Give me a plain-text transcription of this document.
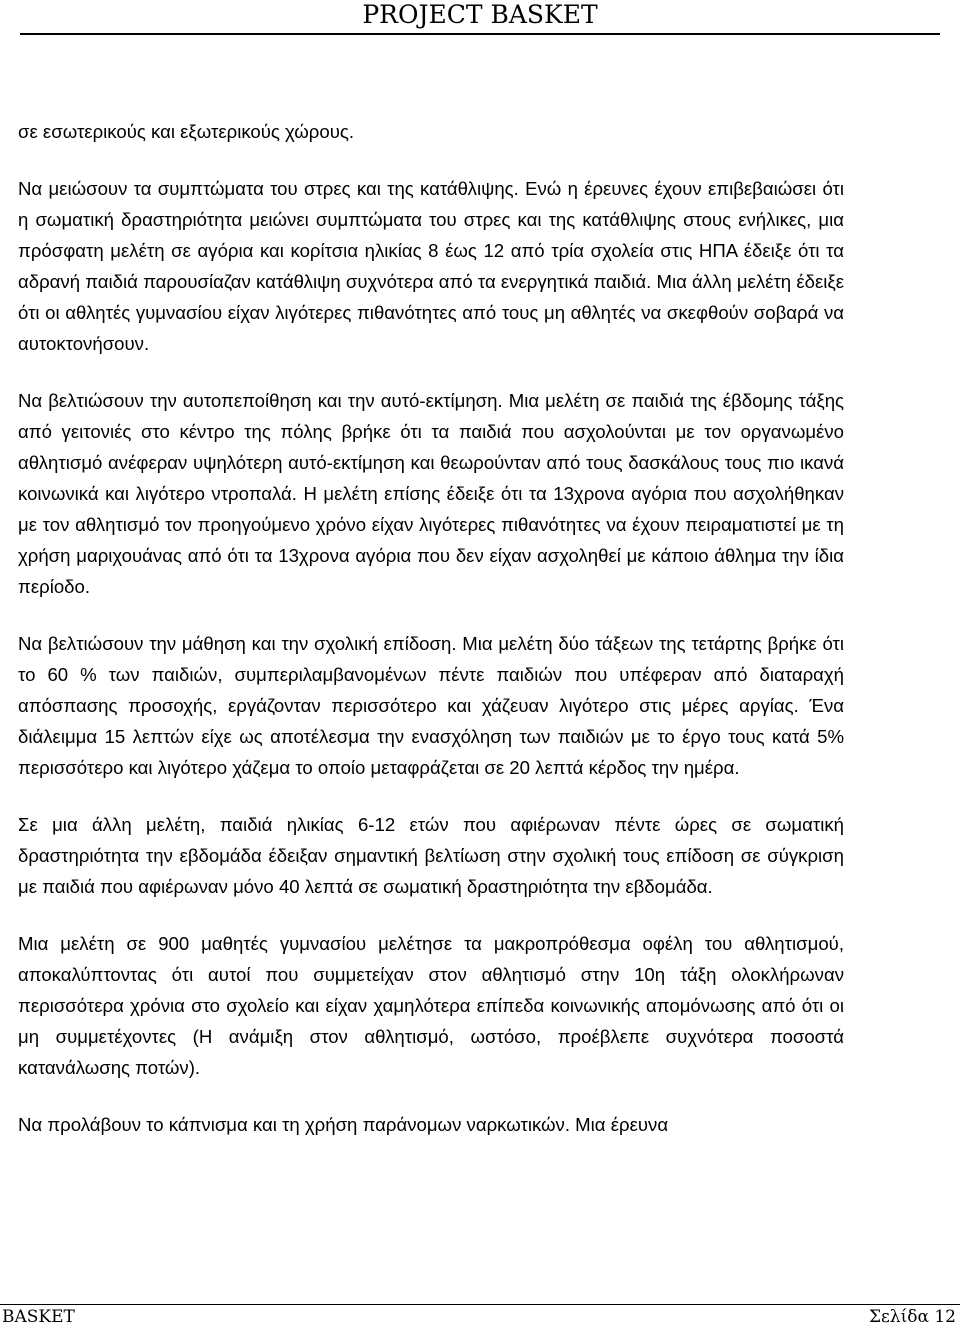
PROJECT BASKET

σε εσωτερικούς και εξωτερικούς χώρους.

Να μειώσουν τα συμπτώματα του στρες και της κατάθλιψης. Ενώ η έρευνες έχουν επιβεβαιώσει ότι η σωματική δραστηριότητα μειώνει συμπτώματα του στρες και της κατάθλιψης στους ενήλικες, μια πρόσφατη μελέτη σε αγόρια και κορίτσια ηλικίας 8 έως 12 από τρία σχολεία στις ΗΠΑ έδειξε ότι τα αδρανή παιδιά παρουσίαζαν κατάθλιψη συχνότερα από τα ενεργητικά παιδιά. Μια άλλη μελέτη έδειξε ότι οι αθλητές γυμνασίου είχαν λιγότερες πιθανότητες από τους μη αθλητές να σκεφθούν σοβαρά να αυτοκτονήσουν.

Να βελτιώσουν την αυτοπεποίθηση και την αυτό-εκτίμηση. Μια μελέτη σε παιδιά της έβδομης τάξης από γειτονιές στο κέντρο της πόλης βρήκε ότι τα παιδιά που ασχολούνται με τον οργανωμένο αθλητισμό ανέφεραν υψηλότερη αυτό-εκτίμηση και θεωρούνταν από τους δασκάλους τους πιο ικανά κοινωνικά και λιγότερο ντροπαλά. Η μελέτη επίσης έδειξε ότι τα 13χρονα αγόρια που ασχολήθηκαν με τον αθλητισμό τον προηγούμενο χρόνο είχαν λιγότερες πιθανότητες να έχουν πειραματιστεί με τη χρήση μαριχουάνας από ότι τα 13χρονα αγόρια που δεν είχαν ασχοληθεί με κάποιο άθλημα την ίδια περίοδο.

Να βελτιώσουν την μάθηση και την σχολική επίδοση. Μια μελέτη δύο τάξεων της τετάρτης βρήκε ότι το 60 % των παιδιών, συμπεριλαμβανομένων πέντε παιδιών που υπέφεραν από διαταραχή απόσπασης προσοχής, εργάζονταν περισσότερο και χάζευαν λιγότερο στις μέρες αργίας. Ένα διάλειμμα 15 λεπτών είχε ως αποτέλεσμα την ενασχόληση των παιδιών με το έργο τους κατά 5% περισσότερο και λιγότερο χάζεμα το οποίο μεταφράζεται σε 20 λεπτά κέρδος την ημέρα.

Σε μια άλλη μελέτη, παιδιά ηλικίας 6-12 ετών που αφιέρωναν πέντε ώρες σε σωματική δραστηριότητα την εβδομάδα έδειξαν σημαντική βελτίωση στην σχολική τους επίδοση σε σύγκριση με παιδιά που αφιέρωναν μόνο 40 λεπτά σε σωματική δραστηριότητα την εβδομάδα.

Μια μελέτη σε 900 μαθητές γυμνασίου μελέτησε τα μακροπρόθεσμα οφέλη του αθλητισμού, αποκαλύπτοντας ότι αυτοί που συμμετείχαν στον αθλητισμό στην 10η τάξη ολοκλήρωναν περισσότερα χρόνια στο σχολείο και είχαν χαμηλότερα επίπεδα κοινωνικής απομόνωσης από ότι οι μη συμμετέχοντες (Η ανάμιξη στον αθλητισμό, ωστόσο, προέβλεπε συχνότερα ποσοστά κατανάλωσης ποτών).

Να προλάβουν το κάπνισμα και τη χρήση παράνομων ναρκωτικών. Μια έρευνα

BASKET	Σελίδα 12
